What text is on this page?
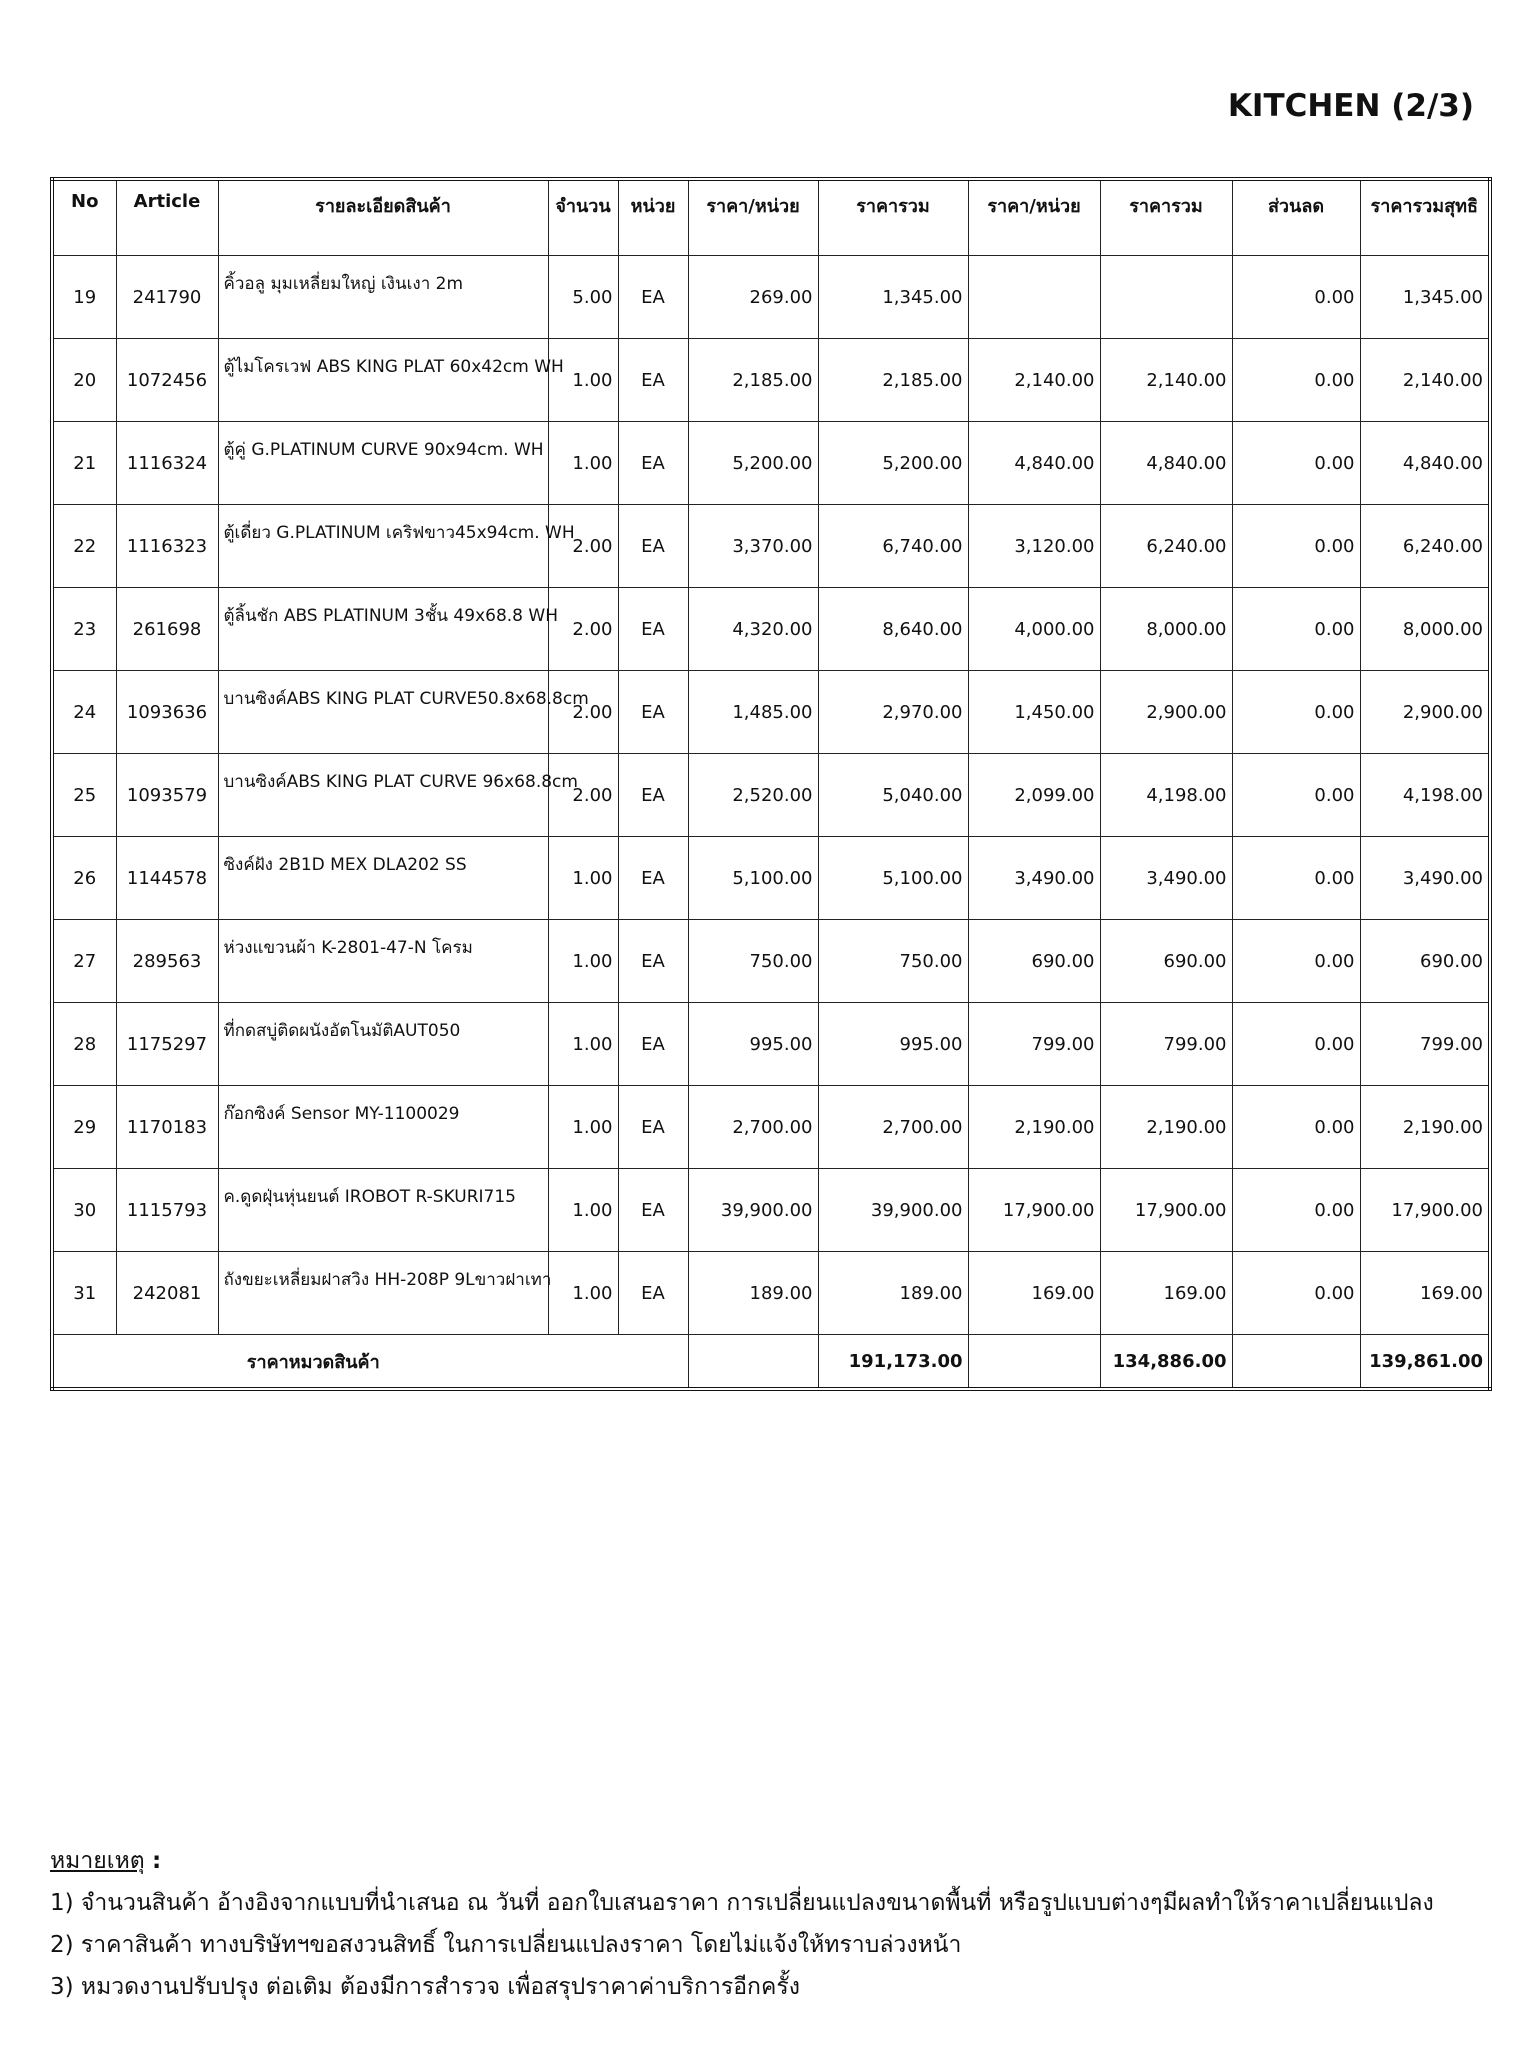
KITCHEN (2/3)
No	Article	รายละเอียดสินค้า	จำนวน	หน่วย	ราคา/หน่วย	ราคารวม	ราคา/หน่วย	ราคารวม	ส่วนลด	ราคารวมสุทธิ
19	241790	คิ้วอลู มุมเหลี่ยมใหญ่ เงินเงา 2m	5.00	EA	269.00	1,345.00			0.00	1,345.00
20	1072456	ตู้ไมโครเวฟ ABS KING PLAT 60x42cm WH	1.00	EA	2,185.00	2,185.00	2,140.00	2,140.00	0.00	2,140.00
21	1116324	ตู้คู่ G.PLATINUM CURVE 90x94cm. WH	1.00	EA	5,200.00	5,200.00	4,840.00	4,840.00	0.00	4,840.00
22	1116323	ตู้เดี่ยว G.PLATINUM เคริฟขาว45x94cm. WH	2.00	EA	3,370.00	6,740.00	3,120.00	6,240.00	0.00	6,240.00
23	261698	ตู้ลิ้นชัก ABS PLATINUM 3ชั้น 49x68.8 WH	2.00	EA	4,320.00	8,640.00	4,000.00	8,000.00	0.00	8,000.00
24	1093636	บานซิงค์ABS KING PLAT CURVE50.8x68.8cm	2.00	EA	1,485.00	2,970.00	1,450.00	2,900.00	0.00	2,900.00
25	1093579	บานซิงค์ABS KING PLAT CURVE 96x68.8cm	2.00	EA	2,520.00	5,040.00	2,099.00	4,198.00	0.00	4,198.00
26	1144578	ซิงค์ฝัง 2B1D MEX DLA202 SS	1.00	EA	5,100.00	5,100.00	3,490.00	3,490.00	0.00	3,490.00
27	289563	ห่วงแขวนผ้า K-2801-47-N โครม	1.00	EA	750.00	750.00	690.00	690.00	0.00	690.00
28	1175297	ที่กดสบู่ติดผนังอัตโนมัติAUT050	1.00	EA	995.00	995.00	799.00	799.00	0.00	799.00
29	1170183	ก๊อกซิงค์ Sensor MY-1100029	1.00	EA	2,700.00	2,700.00	2,190.00	2,190.00	0.00	2,190.00
30	1115793	ค.ดูดฝุ่นหุ่นยนต์ IROBOT R-SKURI715	1.00	EA	39,900.00	39,900.00	17,900.00	17,900.00	0.00	17,900.00
31	242081	ถังขยะเหลี่ยมฝาสวิง HH-208P 9Lขาวฝาเทา	1.00	EA	189.00	189.00	169.00	169.00	0.00	169.00
ราคาหมวดสินค้า						191,173.00		134,886.00		139,861.00
หมายเหตุ :
1) จำนวนสินค้า อ้างอิงจากแบบที่นำเสนอ ณ วันที่ ออกใบเสนอราคา การเปลี่ยนแปลงขนาดพื้นที่ หรือรูปแบบต่างๆมีผลทำให้ราคาเปลี่ยนแปลง
2) ราคาสินค้า ทางบริษัทฯขอสงวนสิทธิ์ ในการเปลี่ยนแปลงราคา โดยไม่แจ้งให้ทราบล่วงหน้า
3) หมวดงานปรับปรุง ต่อเติม ต้องมีการสำรวจ เพื่อสรุปราคาค่าบริการอีกครั้ง
